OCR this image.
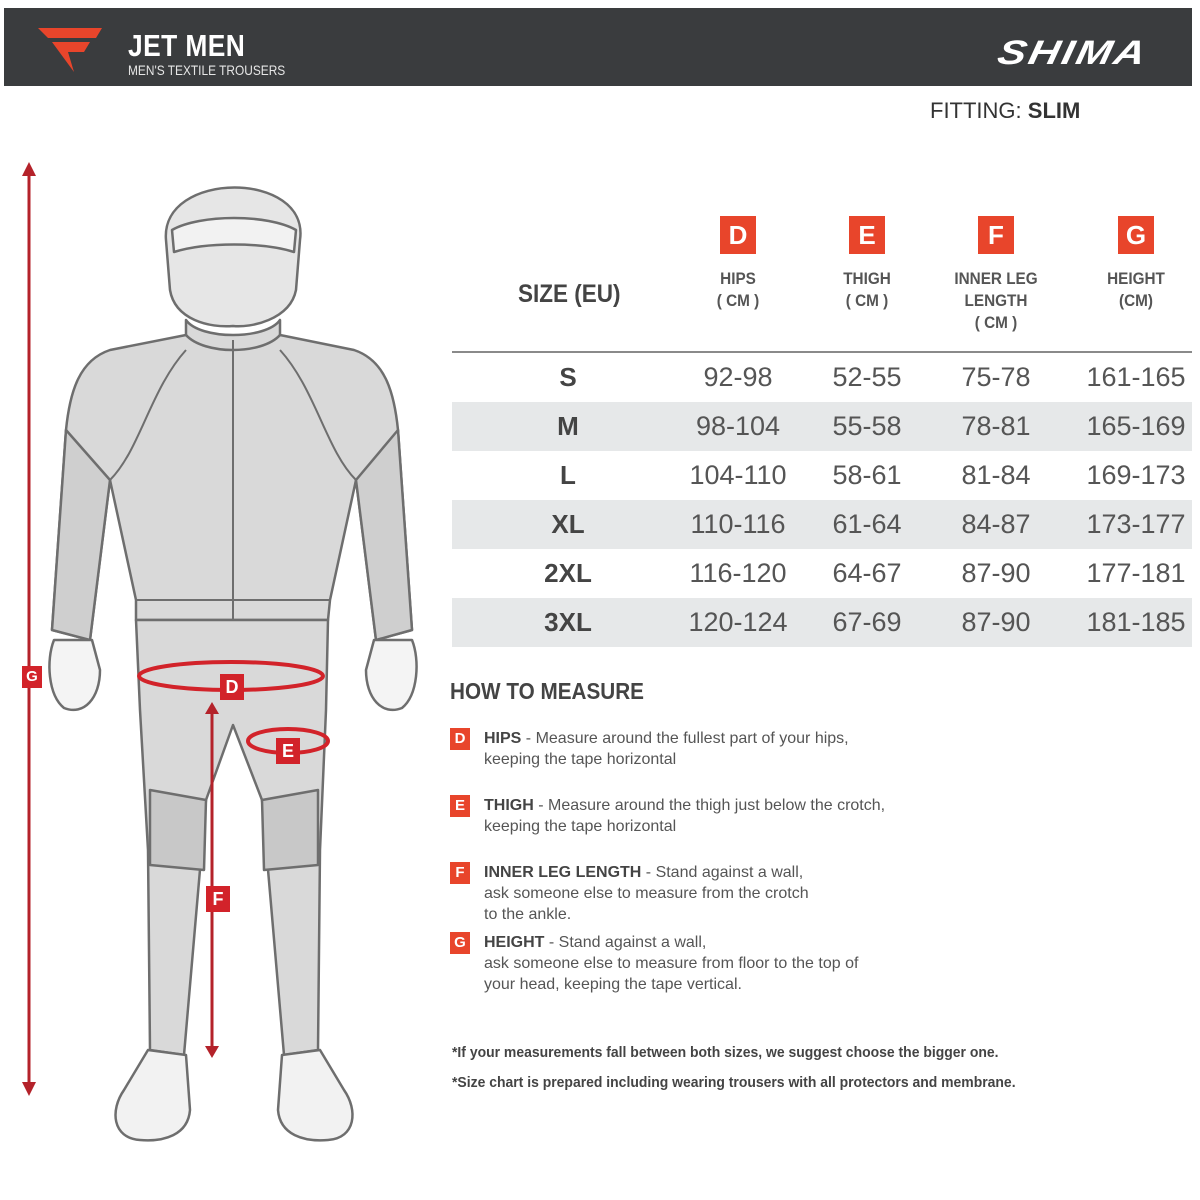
JET MEN
MEN'S TEXTILE TROUSERS	SHIMA
FITTING: SLIM
G
D
E
F
SIZE (EU)
D
HIPS
( CM )
E
THIGH
( CM )
F
INNER LEG
LENGTH
( CM )
G
HEIGHT
(CM)
S	92-98	52-55	75-78	161-165
M	98-104	55-58	78-81	165-169
L	104-110	58-61	81-84	169-173
XL	110-116	61-64	84-87	173-177
2XL	116-120	64-67	87-90	177-181
3XL	120-124	67-69	87-90	181-185
HOW TO MEASURE
D HIPS - Measure around the fullest part of your hips,
keeping the tape horizontal
E	THIGH - Measure around the thigh just below the crotch,
keeping the tape horizontal
F	INNER LEG LENGTH - Stand against a wall,
ask someone else to measure from the crotch
to the ankle.
G HEIGHT - Stand against a wall,
ask someone else to measure from floor to the top of
your head, keeping the tape vertical.
*If your measurements fall between both sizes, we suggest choose the bigger one.
*Size chart is prepared including wearing trousers with all protectors and membrane.
